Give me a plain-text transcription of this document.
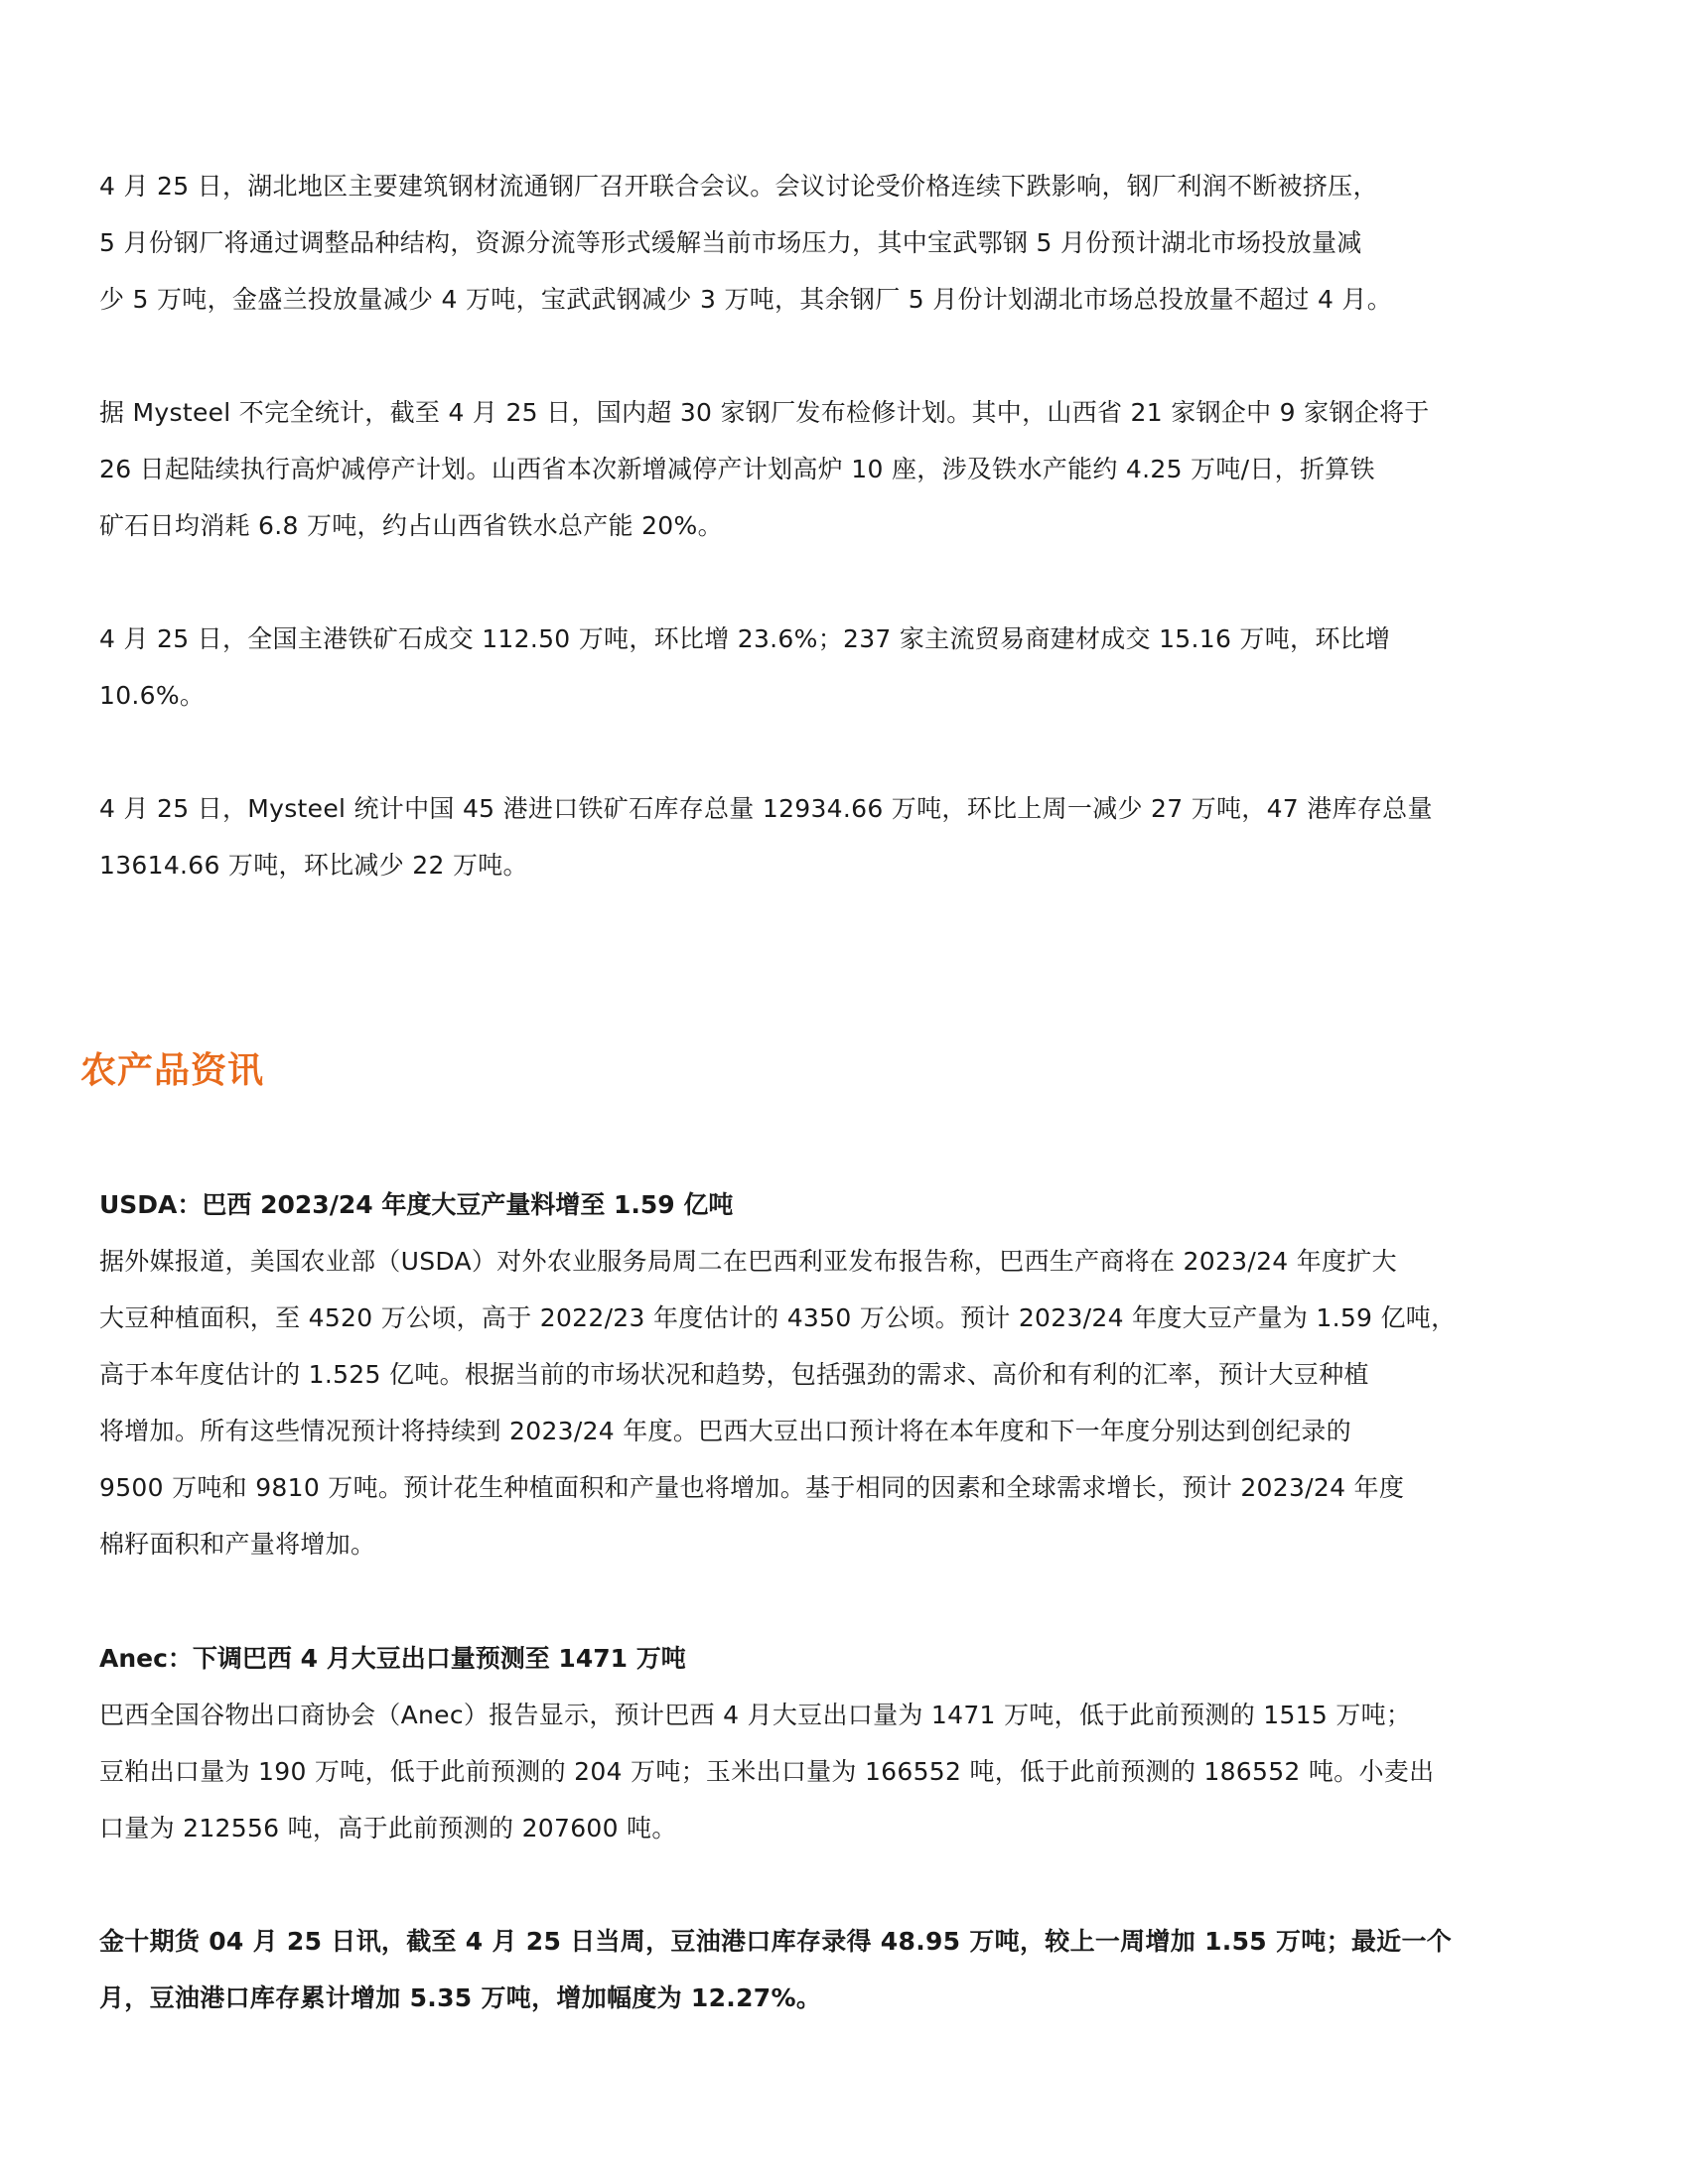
4 月 25 日，湖北地区主要建筑钢材流通钢厂召开联合会议。会议讨论受价格连续下跌影响，钢厂利润不断被挤压，
5 月份钢厂将通过调整品种结构，资源分流等形式缓解当前市场压力，其中宝武鄂钢 5 月份预计湖北市场投放量减
少 5 万吨，金盛兰投放量减少 4 万吨，宝武武钢减少 3 万吨，其余钢厂 5 月份计划湖北市场总投放量不超过 4 月。

据 Mysteel 不完全统计，截至 4 月 25 日，国内超 30 家钢厂发布检修计划。其中，山西省 21 家钢企中 9 家钢企将于
26 日起陆续执行高炉减停产计划。山西省本次新增减停产计划高炉 10 座，涉及铁水产能约 4.25 万吨/日，折算铁
矿石日均消耗 6.8 万吨，约占山西省铁水总产能 20%。

4 月 25 日，全国主港铁矿石成交 112.50 万吨，环比增 23.6%；237 家主流贸易商建材成交 15.16 万吨，环比增
10.6%。

4 月 25 日，Mysteel 统计中国 45 港进口铁矿石库存总量 12934.66 万吨，环比上周一减少 27 万吨，47 港库存总量
13614.66 万吨，环比减少 22 万吨。

农产品资讯

USDA：巴西 2023/24 年度大豆产量料增至 1.59 亿吨

据外媒报道，美国农业部（USDA）对外农业服务局周二在巴西利亚发布报告称，巴西生产商将在 2023/24 年度扩大
大豆种植面积，至 4520 万公顷，高于 2022/23 年度估计的 4350 万公顷。预计 2023/24 年度大豆产量为 1.59 亿吨，
高于本年度估计的 1.525 亿吨。根据当前的市场状况和趋势，包括强劲的需求、高价和有利的汇率，预计大豆种植
将增加。所有这些情况预计将持续到 2023/24 年度。巴西大豆出口预计将在本年度和下一年度分别达到创纪录的
9500 万吨和 9810 万吨。预计花生种植面积和产量也将增加。基于相同的因素和全球需求增长，预计 2023/24 年度
棉籽面积和产量将增加。

Anec：下调巴西 4 月大豆出口量预测至 1471 万吨

巴西全国谷物出口商协会（Anec）报告显示，预计巴西 4 月大豆出口量为 1471 万吨，低于此前预测的 1515 万吨；
豆粕出口量为 190 万吨，低于此前预测的 204 万吨；玉米出口量为 166552 吨，低于此前预测的 186552 吨。小麦出
口量为 212556 吨，高于此前预测的 207600 吨。

金十期货 04 月 25 日讯，截至 4 月 25 日当周，豆油港口库存录得 48.95 万吨，较上一周增加 1.55 万吨；最近一个
月，豆油港口库存累计增加 5.35 万吨，增加幅度为 12.27%。
